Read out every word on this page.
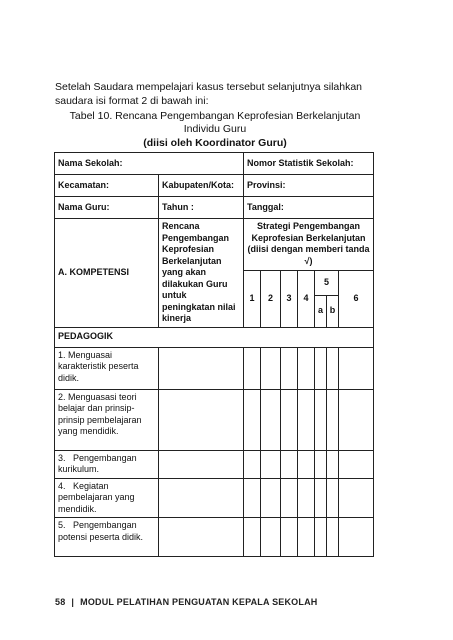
Setelah Saudara mempelajari kasus tersebut selanjutnya silahkan saudara isi format 2 di bawah ini:
Tabel 10. Rencana Pengembangan Keprofesian Berkelanjutan Individu Guru
(diisi oleh Koordinator Guru)
Nama Sekolah:		Nomor Statistik Sekolah:						
Kecamatan:	Kabupaten/Kota:	Provinsi:						
Nama Guru:	Tahun :	Tanggal:						
A. KOMPETENSI	Rencana Pengembangan Keprofesian Berkelanjutan yang akan dilakukan Guru untuk peningkatan nilai kinerja	Strategi Pengembangan Keprofesian Berkelanjutan (diisi dengan memberi tanda √)						
		1	2	3	4	5		6
						a	b	
PEDAGOGIK								
1. Menguasai karakteristik peserta didik.								
2. Menguasasi teori belajar dan prinsip-prinsip pembelajaran yang mendidik.								
3. Pengembangan kurikulum.								
4. Kegiatan pembelajaran yang mendidik.								
5. Pengembangan potensi peserta didik.								
58 | MODUL PELATIHAN PENGUATAN KEPALA SEKOLAH
